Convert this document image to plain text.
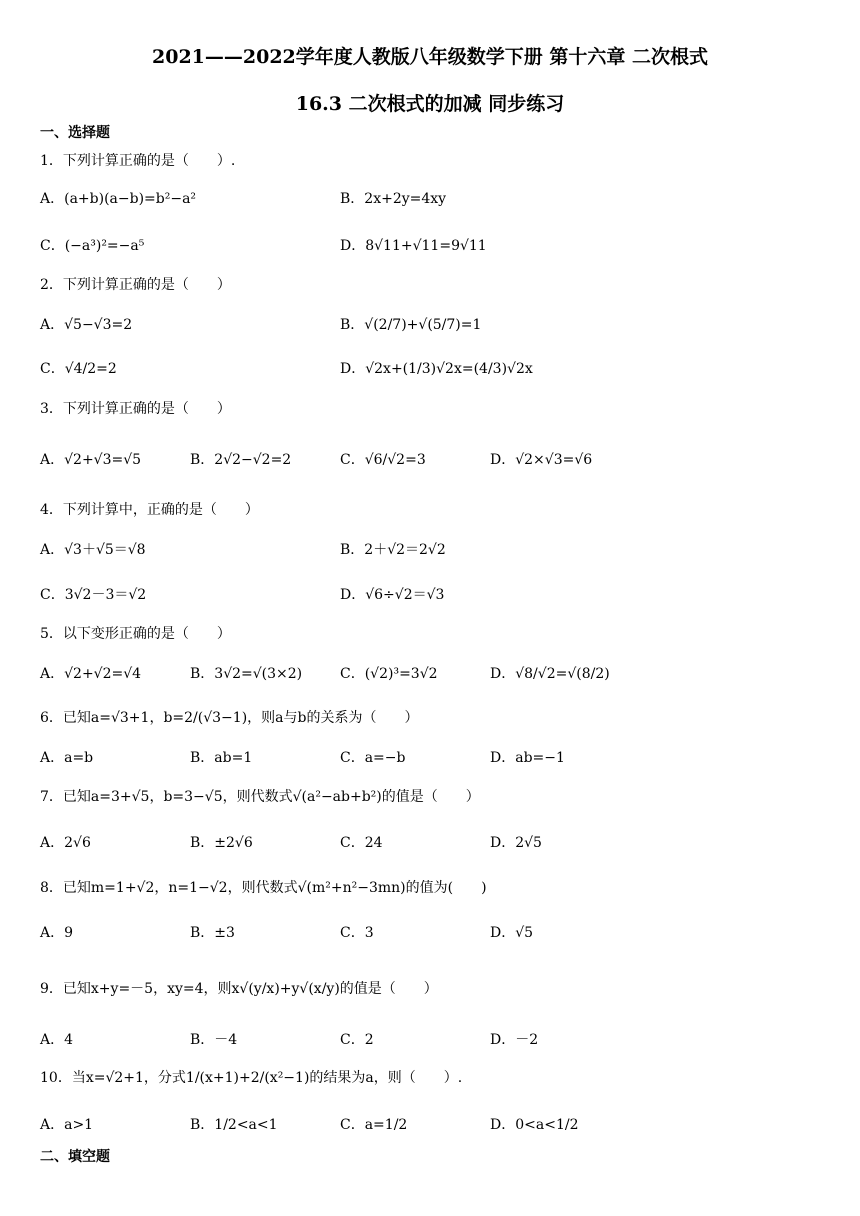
2021——2022学年度人教版八年级数学下册 第十六章 二次根式
16.3 二次根式的加减 同步练习
一、选择题
1．下列计算正确的是（　　）.
A．(a+b)(a−b)=b²−a²	B．2x+2y=4xy
C．(−a³)²=−a⁵	D．8√11+√11=9√11
2．下列计算正确的是（　　）
A．√5−√3=2	B．√(2/7)+√(5/7)=1
C．√4/2=2	D．√2x+(1/3)√2x=(4/3)√2x
3．下列计算正确的是（　　）
A．√2+√3=√5	B．2√2−√2=2	C．√6/√2=3	D．√2×√3=√6
4．下列计算中，正确的是（　　）
A．√3＋√5＝√8	B．2＋√2＝2√2
C．3√2－3＝√2	D．√6÷√2＝√3
5．以下变形正确的是（　　）
A．√2+√2=√4	B．3√2=√(3×2)	C．(√2)³=3√2	D．√8/√2=√(8/2)
6．已知a=√3+1，b=2/(√3−1)，则a与b的关系为（　　）
A．a=b	B．ab=1	C．a=−b	D．ab=−1
7．已知a=3+√5，b=3−√5，则代数式√(a²−ab+b²)的值是（　　）
A．2√6	B．±2√6	C．24	D．2√5
8．已知m=1+√2，n=1−√2，则代数式√(m²+n²−3mn)的值为(　　)
A．9	B．±3	C．3	D．√5
9．已知x+y=－5，xy=4，则x√(y/x)+y√(x/y)的值是（　　）
A．4	B．－4	C．2	D．－2
10．当x=√2+1，分式1/(x+1)+2/(x²−1)的结果为a，则（　　）.
A．a>1	B．1/2<a<1	C．a=1/2	D．0<a<1/2
二、填空题
